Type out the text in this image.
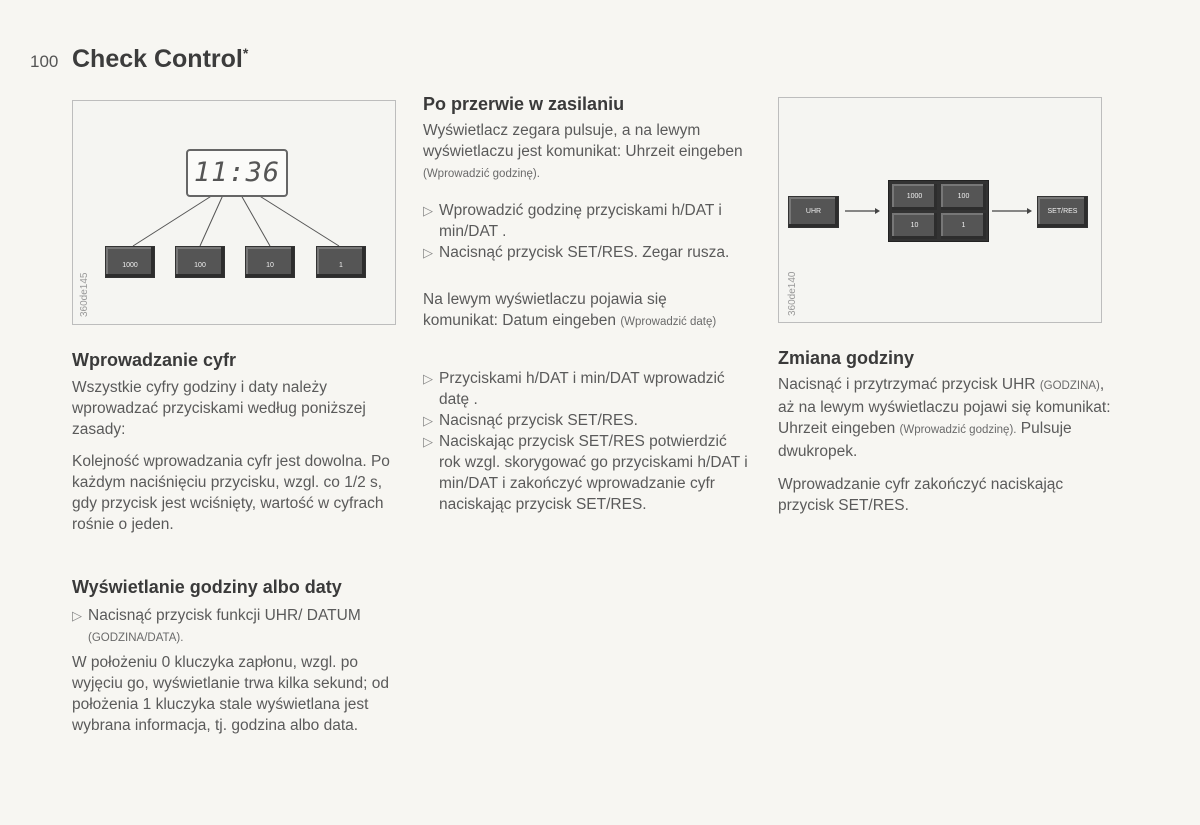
100 Check Control*
11:36
1000	100	10	1
360de145
UHR
1000	100
10	1
SET/RES
360de140
Wprowadzanie cyfr

Wszystkie cyfry godziny i daty należy wprowadzać przyciskami według poniższej zasady:

Kolejność wprowadzania cyfr jest dowolna. Po każdym naciśnięciu przycisku, wzgl. co 1/2 s, gdy przycisk jest wciśnięty, wartość w cyfrach rośnie o jeden.

Wyświetlanie godziny albo daty
▷ Nacisnąć przycisk funkcji UHR/ DATUM (GODZINA/DATA).

W położeniu 0 kluczyka zapłonu, wzgl. po wyjęciu go, wyświetlanie trwa kilka sekund; od położenia 1 kluczyka stale wyświetlana jest wybrana informacja, tj. godzina albo data.

Po przerwie w zasilaniu

Wyświetlacz zegara pulsuje, a na lewym wyświetlaczu jest komunikat: Uhrzeit eingeben (Wprowadzić godzinę).

▷ Wprowadzić godzinę przyciskami h/DAT i min/DAT .
▷ Nacisnąć przycisk SET/RES. Zegar rusza.

Na lewym wyświetlaczu pojawia się komunikat: Datum eingeben (Wprowadzić datę)

▷ Przyciskami h/DAT i min/DAT wprowadzić datę .
▷ Nacisnąć przycisk SET/RES.
▷ Naciskając przycisk SET/RES potwierdzić rok wzgl. skorygować go przyciskami h/DAT i min/DAT i zakończyć wprowadzanie cyfr naciskając przycisk SET/RES.
Zmiana godziny

Nacisnąć i przytrzymać przycisk UHR (GODZINA), aż na lewym wyświetlaczu pojawi się komunikat: Uhrzeit eingeben (Wprowadzić godzinę). Pulsuje dwukropek.

Wprowadzanie cyfr zakończyć naciskając przycisk SET/RES.
